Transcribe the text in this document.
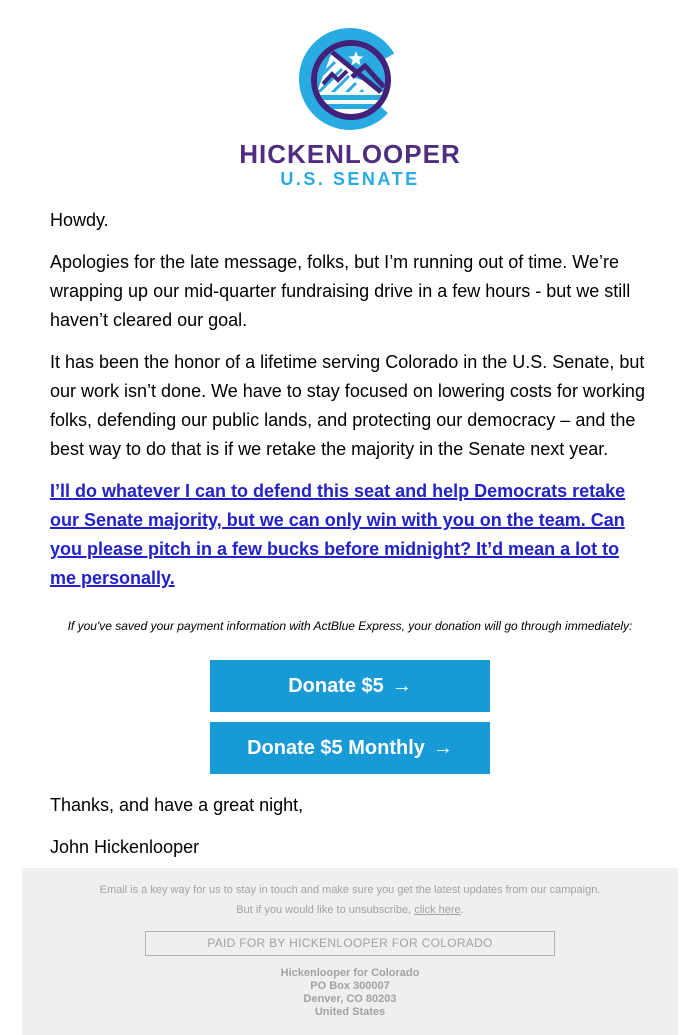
HICKENLOOPER
U.S. SENATE

Howdy.

Apologies for the late message, folks, but I’m running out of time. We’re wrapping up our mid-quarter fundraising drive in a few hours - but we still haven’t cleared our goal.

It has been the honor of a lifetime serving Colorado in the U.S. Senate, but our work isn’t done. We have to stay focused on lowering costs for working folks, defending our public lands, and protecting our democracy – and the best way to do that is if we retake the majority in the Senate next year.

I’ll do whatever I can to defend this seat and help Democrats retake our Senate majority, but we can only win with you on the team. Can you please pitch in a few bucks before midnight? It’d mean a lot to me personally.

If you've saved your payment information with ActBlue Express, your donation will go through immediately:

Donate $5 →
Donate $5 Monthly →

Thanks, and have a great night,

John Hickenlooper

Email is a key way for us to stay in touch and make sure you get the latest updates from our campaign.

But if you would like to unsubscribe, click here.

PAID FOR BY HICKENLOOPER FOR COLORADO
Hickenlooper for Colorado
PO Box 300007
Denver, CO 80203
United States
